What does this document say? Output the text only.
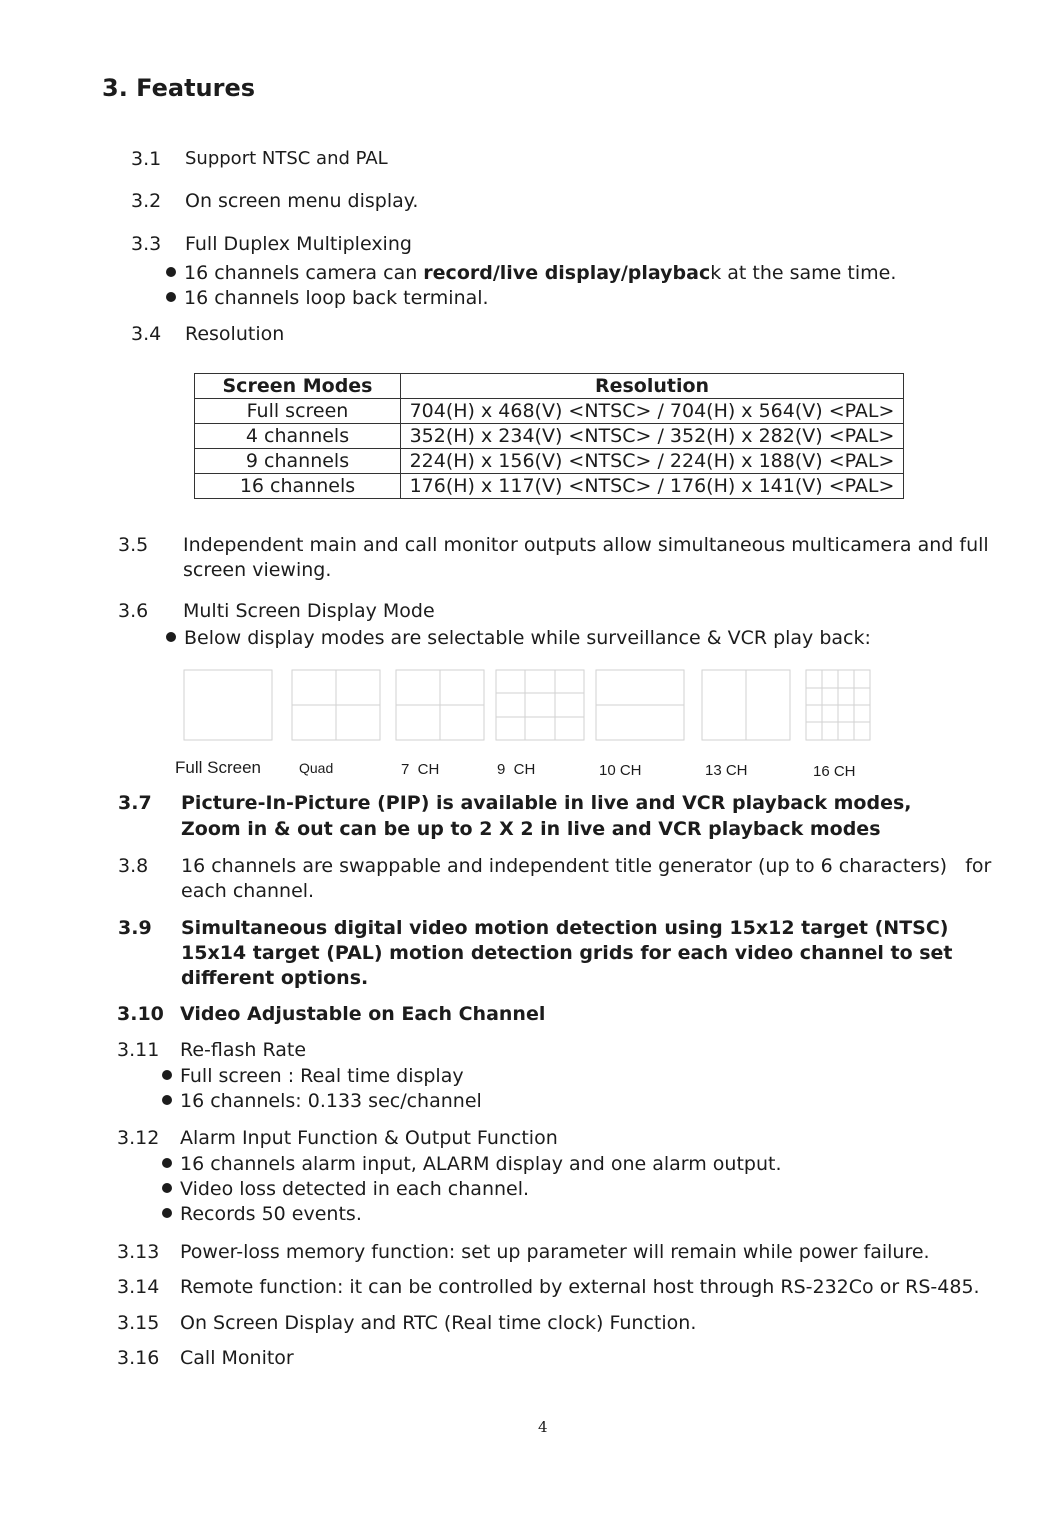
3. Features
3.1 Support NTSC and PAL
3.2 On screen menu display.
3.3 Full Duplex Multiplexing
16 channels camera can record/live display/playback at the same time.
16 channels loop back terminal.
3.4 Resolution
Screen Modes	Resolution
Full screen	704(H) x 468(V) <NTSC> / 704(H) x 564(V) <PAL>
4 channels	352(H) x 234(V) <NTSC> / 352(H) x 282(V) <PAL>
9 channels	224(H) x 156(V) <NTSC> / 224(H) x 188(V) <PAL>
16 channels	176(H) x 117(V) <NTSC> / 176(H) x 141(V) <PAL>
3.5 Independent main and call monitor outputs allow simultaneous multicamera and full
screen viewing.
3.6 Multi Screen Display Mode
Below display modes are selectable while surveillance & VCR play back:
Full Screen	Quad	7  CH	9  CH	10 CH	13 CH	16 CH
3.7 Picture-In-Picture (PIP) is available in live and VCR playback modes,
Zoom in & out can be up to 2 X 2 in live and VCR playback modes
3.8 16 channels are swappable and independent title generator (up to 6 characters)   for
each channel.
3.9 Simultaneous digital video motion detection using 15x12 target (NTSC)
15x14 target (PAL) motion detection grids for each video channel to set
different options.
3.10 Video Adjustable on Each Channel
3.11 Re-flash Rate
Full screen : Real time display
16 channels: 0.133 sec/channel
3.12 Alarm Input Function & Output Function
16 channels alarm input, ALARM display and one alarm output.
Video loss detected in each channel.
Records 50 events.
3.13 Power-loss memory function: set up parameter will remain while power failure.
3.14 Remote function: it can be controlled by external host through RS-232Co or RS-485.
3.15 On Screen Display and RTC (Real time clock) Function.
3.16 Call Monitor
4
